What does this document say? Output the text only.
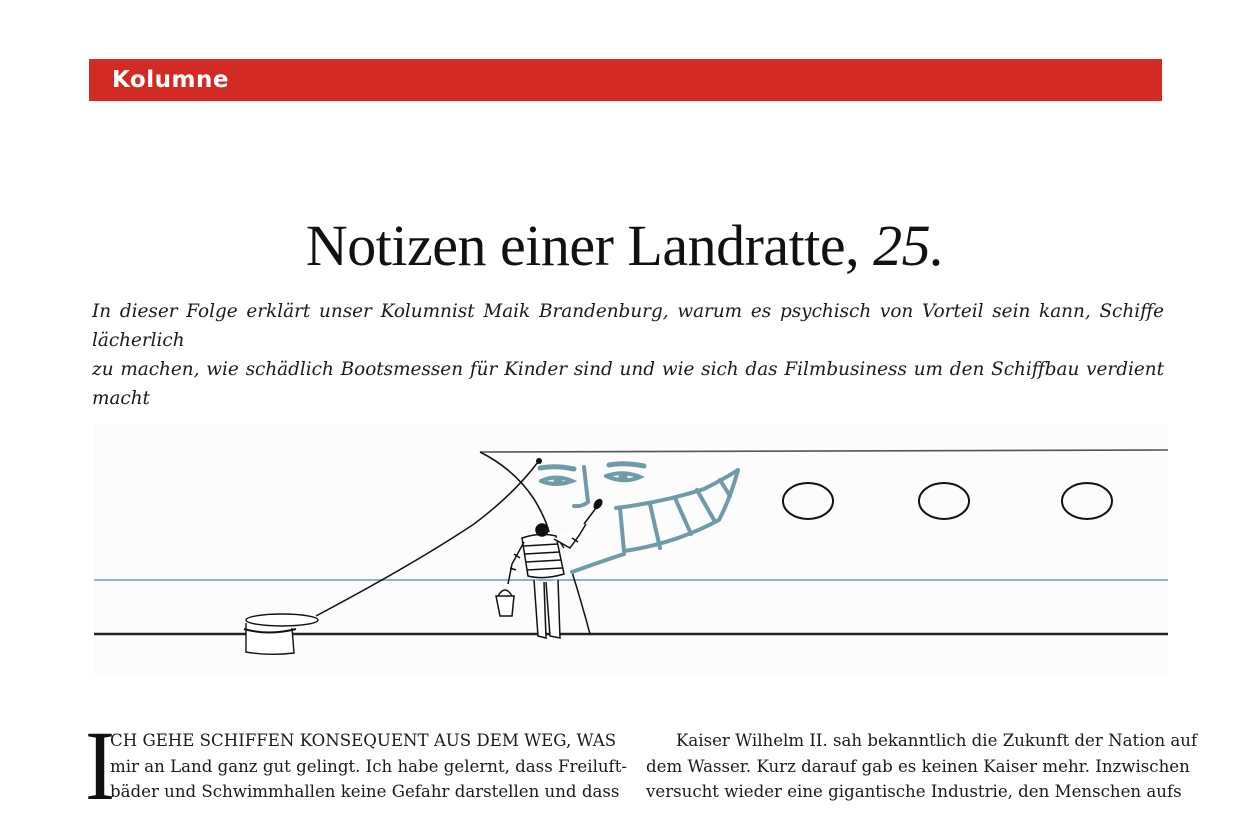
Kolumne
Notizen einer Landratte, 25.
In dieser Folge erklärt unser Kolumnist Maik Brandenburg, warum es psychisch von Vorteil sein kann, Schiffe lächerlich
zu machen, wie schädlich Bootsmessen für Kinder sind und wie sich das Filmbusiness um den Schiffbau verdient macht
I
CH GEHE SCHIFFEN KONSEQUENT AUS DEM WEG, WAS
mir an Land ganz gut gelingt. Ich habe gelernt, dass Freiluft-
bäder und Schwimmhallen keine Gefahr darstellen und dass
Kaiser Wilhelm II. sah bekanntlich die Zukunft der Nation auf
dem Wasser. Kurz darauf gab es keinen Kaiser mehr. Inzwischen
versucht wieder eine gigantische Industrie, den Menschen aufs
